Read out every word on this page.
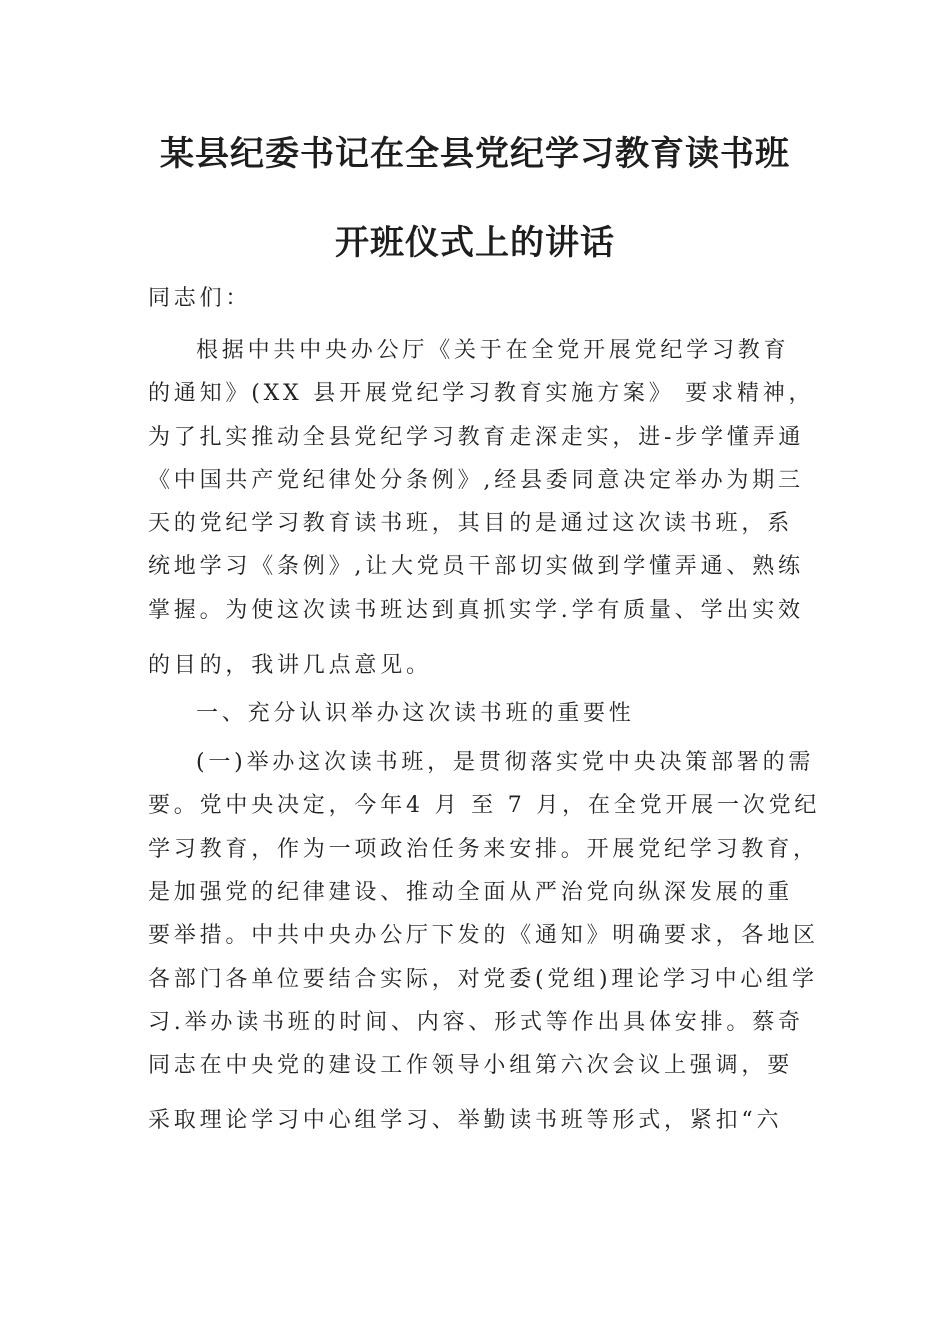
某县纪委书记在全县党纪学习教育读书班
开班仪式上的讲话
同志们：
根据中共中央办公厅《关于在全党开展党纪学习教育
的通知》(XX 县开展党纪学习教育实施方案》 要求精神，
为了扎实推动全县党纪学习教育走深走实，进-步学懂弄通
《中国共产党纪律处分条例》,经县委同意决定举办为期三
天的党纪学习教育读书班，其目的是通过这次读书班，系
统地学习《条例》,让大党员干部切实做到学懂弄通、熟练
掌握。为使这次读书班达到真抓实学.学有质量、学出实效
的目的，我讲几点意见。
一、充分认识举办这次读书班的重要性
(一)举办这次读书班，是贯彻落实党中央决策部署的需
要。党中央决定，今年4 月 至 7 月，在全党开展一次党纪
学习教育，作为一项政治任务来安排。开展党纪学习教育，
是加强党的纪律建设、推动全面从严治党向纵深发展的重
要举措。中共中央办公厅下发的《通知》明确要求，各地区
各部门各单位要结合实际，对党委(党组)理论学习中心组学
习.举办读书班的时间、内容、形式等作出具体安排。蔡奇
同志在中央党的建设工作领导小组第六次会议上强调，要
采取理论学习中心组学习、举勤读书班等形式，紧扣“六
